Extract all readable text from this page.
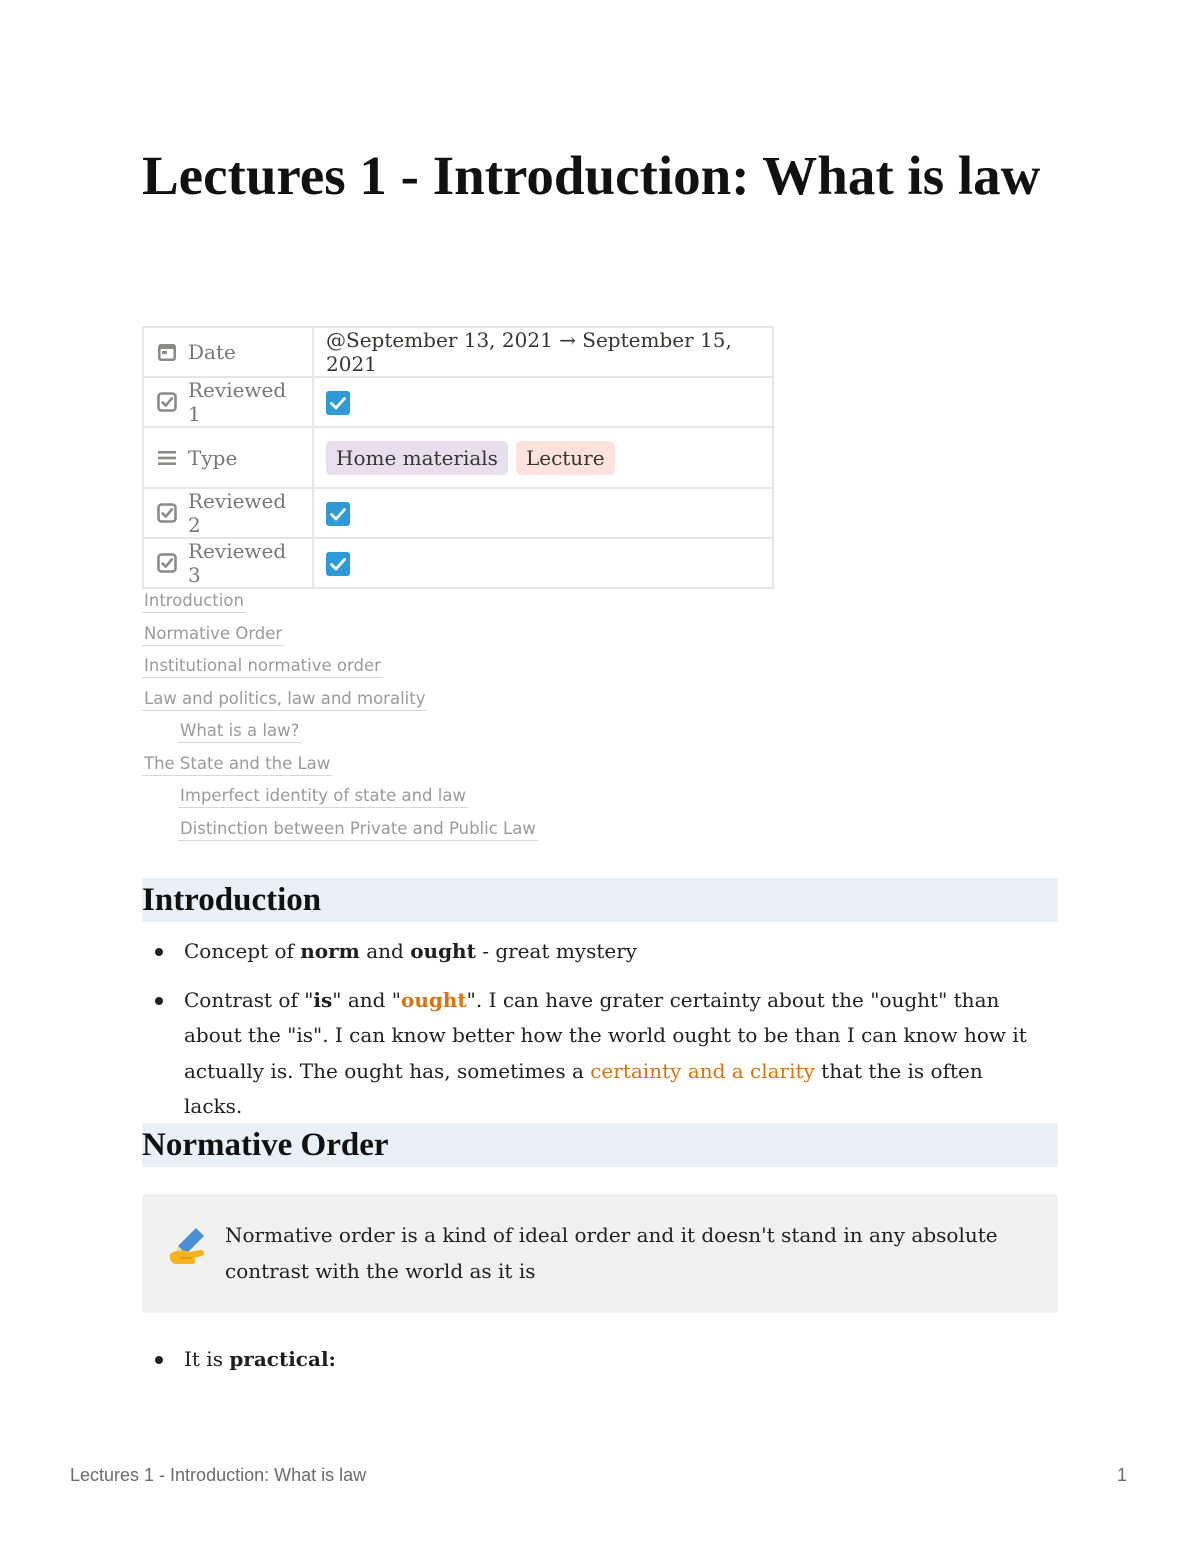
Lectures 1 - Introduction: What is law
Date	@September 13, 2021 → September 15, 2021

Reviewed 1

Type	Home materials Lecture

Reviewed 2

Reviewed 3

Introduction
Normative Order
Institutional normative order
Law and politics, law and morality
What is a law?
The State and the Law
Imperfect identity of state and law
Distinction between Private and Public Law
Introduction
Concept of norm and ought - great mystery
Contrast of "is" and "ought". I can have grater certainty about the "ought" than about the "is". I can know better how the world ought to be than I can know how it actually is. The ought has, sometimes a certainty and a clarity that the is often lacks.
Normative Order
Normative order is a kind of ideal order and it doesn't stand in any absolute contrast with the world as it is
It is practical:
Lectures 1 - Introduction: What is law	1
